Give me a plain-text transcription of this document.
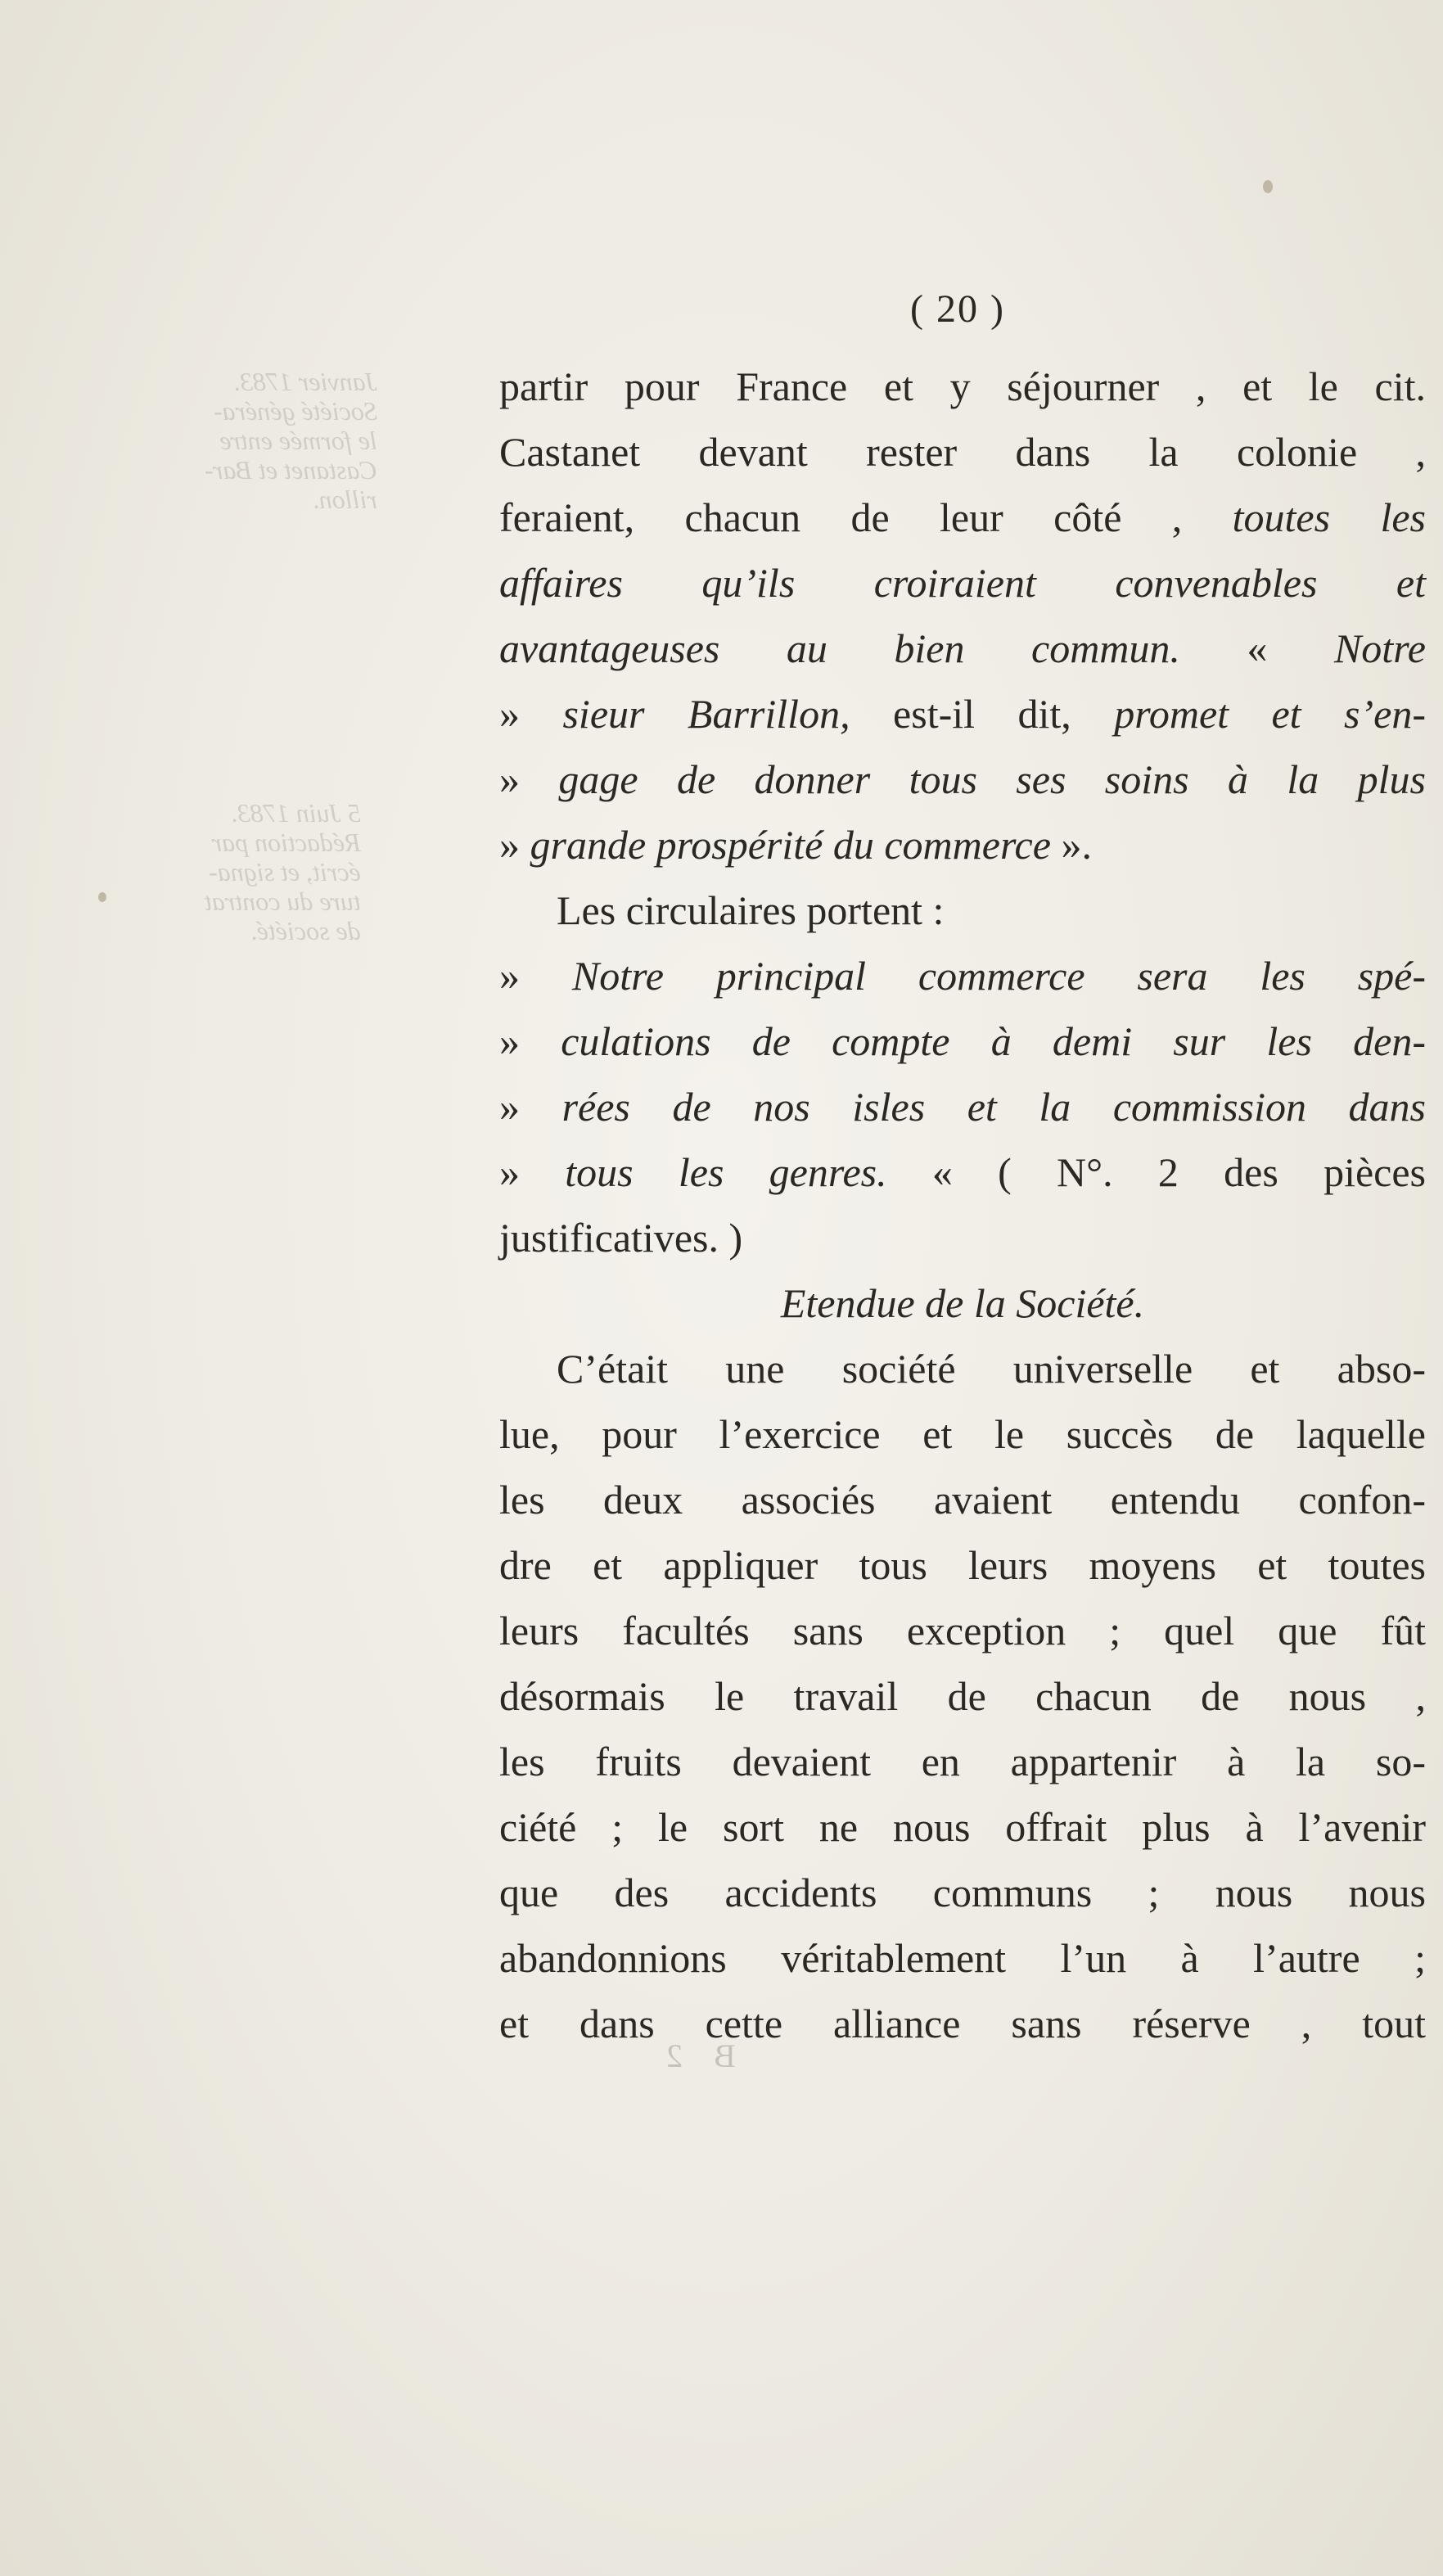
Janvier 1783.
Société généra-
le formée entre
Castanet et Bar-
rillon.
5 Juin 1783.
Rédaction par
écrit, et signa-
ture du contrat
de société.
B 2
( 20 )
partir pour France et y séjourner , et le cit.
Castanet devant rester dans la colonie ,
feraient, chacun de leur côté , toutes les
affaires qu’ils croiraient convenables et
avantageuses au bien commun. « Notre
» sieur Barrillon, est-il dit, promet et s’en-
» gage de donner tous ses soins à la plus
» grande prospérité du commerce ».
Les circulaires portent :
» Notre principal commerce sera les spé-
» culations de compte à demi sur les den-
» rées de nos isles et la commission dans
» tous les genres. « ( N°. 2 des pièces
justificatives. )
Etendue de la Société.
C’était une société universelle et abso-
lue, pour l’exercice et le succès de laquelle
les deux associés avaient entendu confon-
dre et appliquer tous leurs moyens et toutes
leurs facultés sans exception ; quel que fût
désormais le travail de chacun de nous ,
les fruits devaient en appartenir à la so-
ciété ; le sort ne nous offrait plus à l’avenir
que des accidents communs ; nous nous
abandonnions véritablement l’un à l’autre ;
et dans cette alliance sans réserve , tout
